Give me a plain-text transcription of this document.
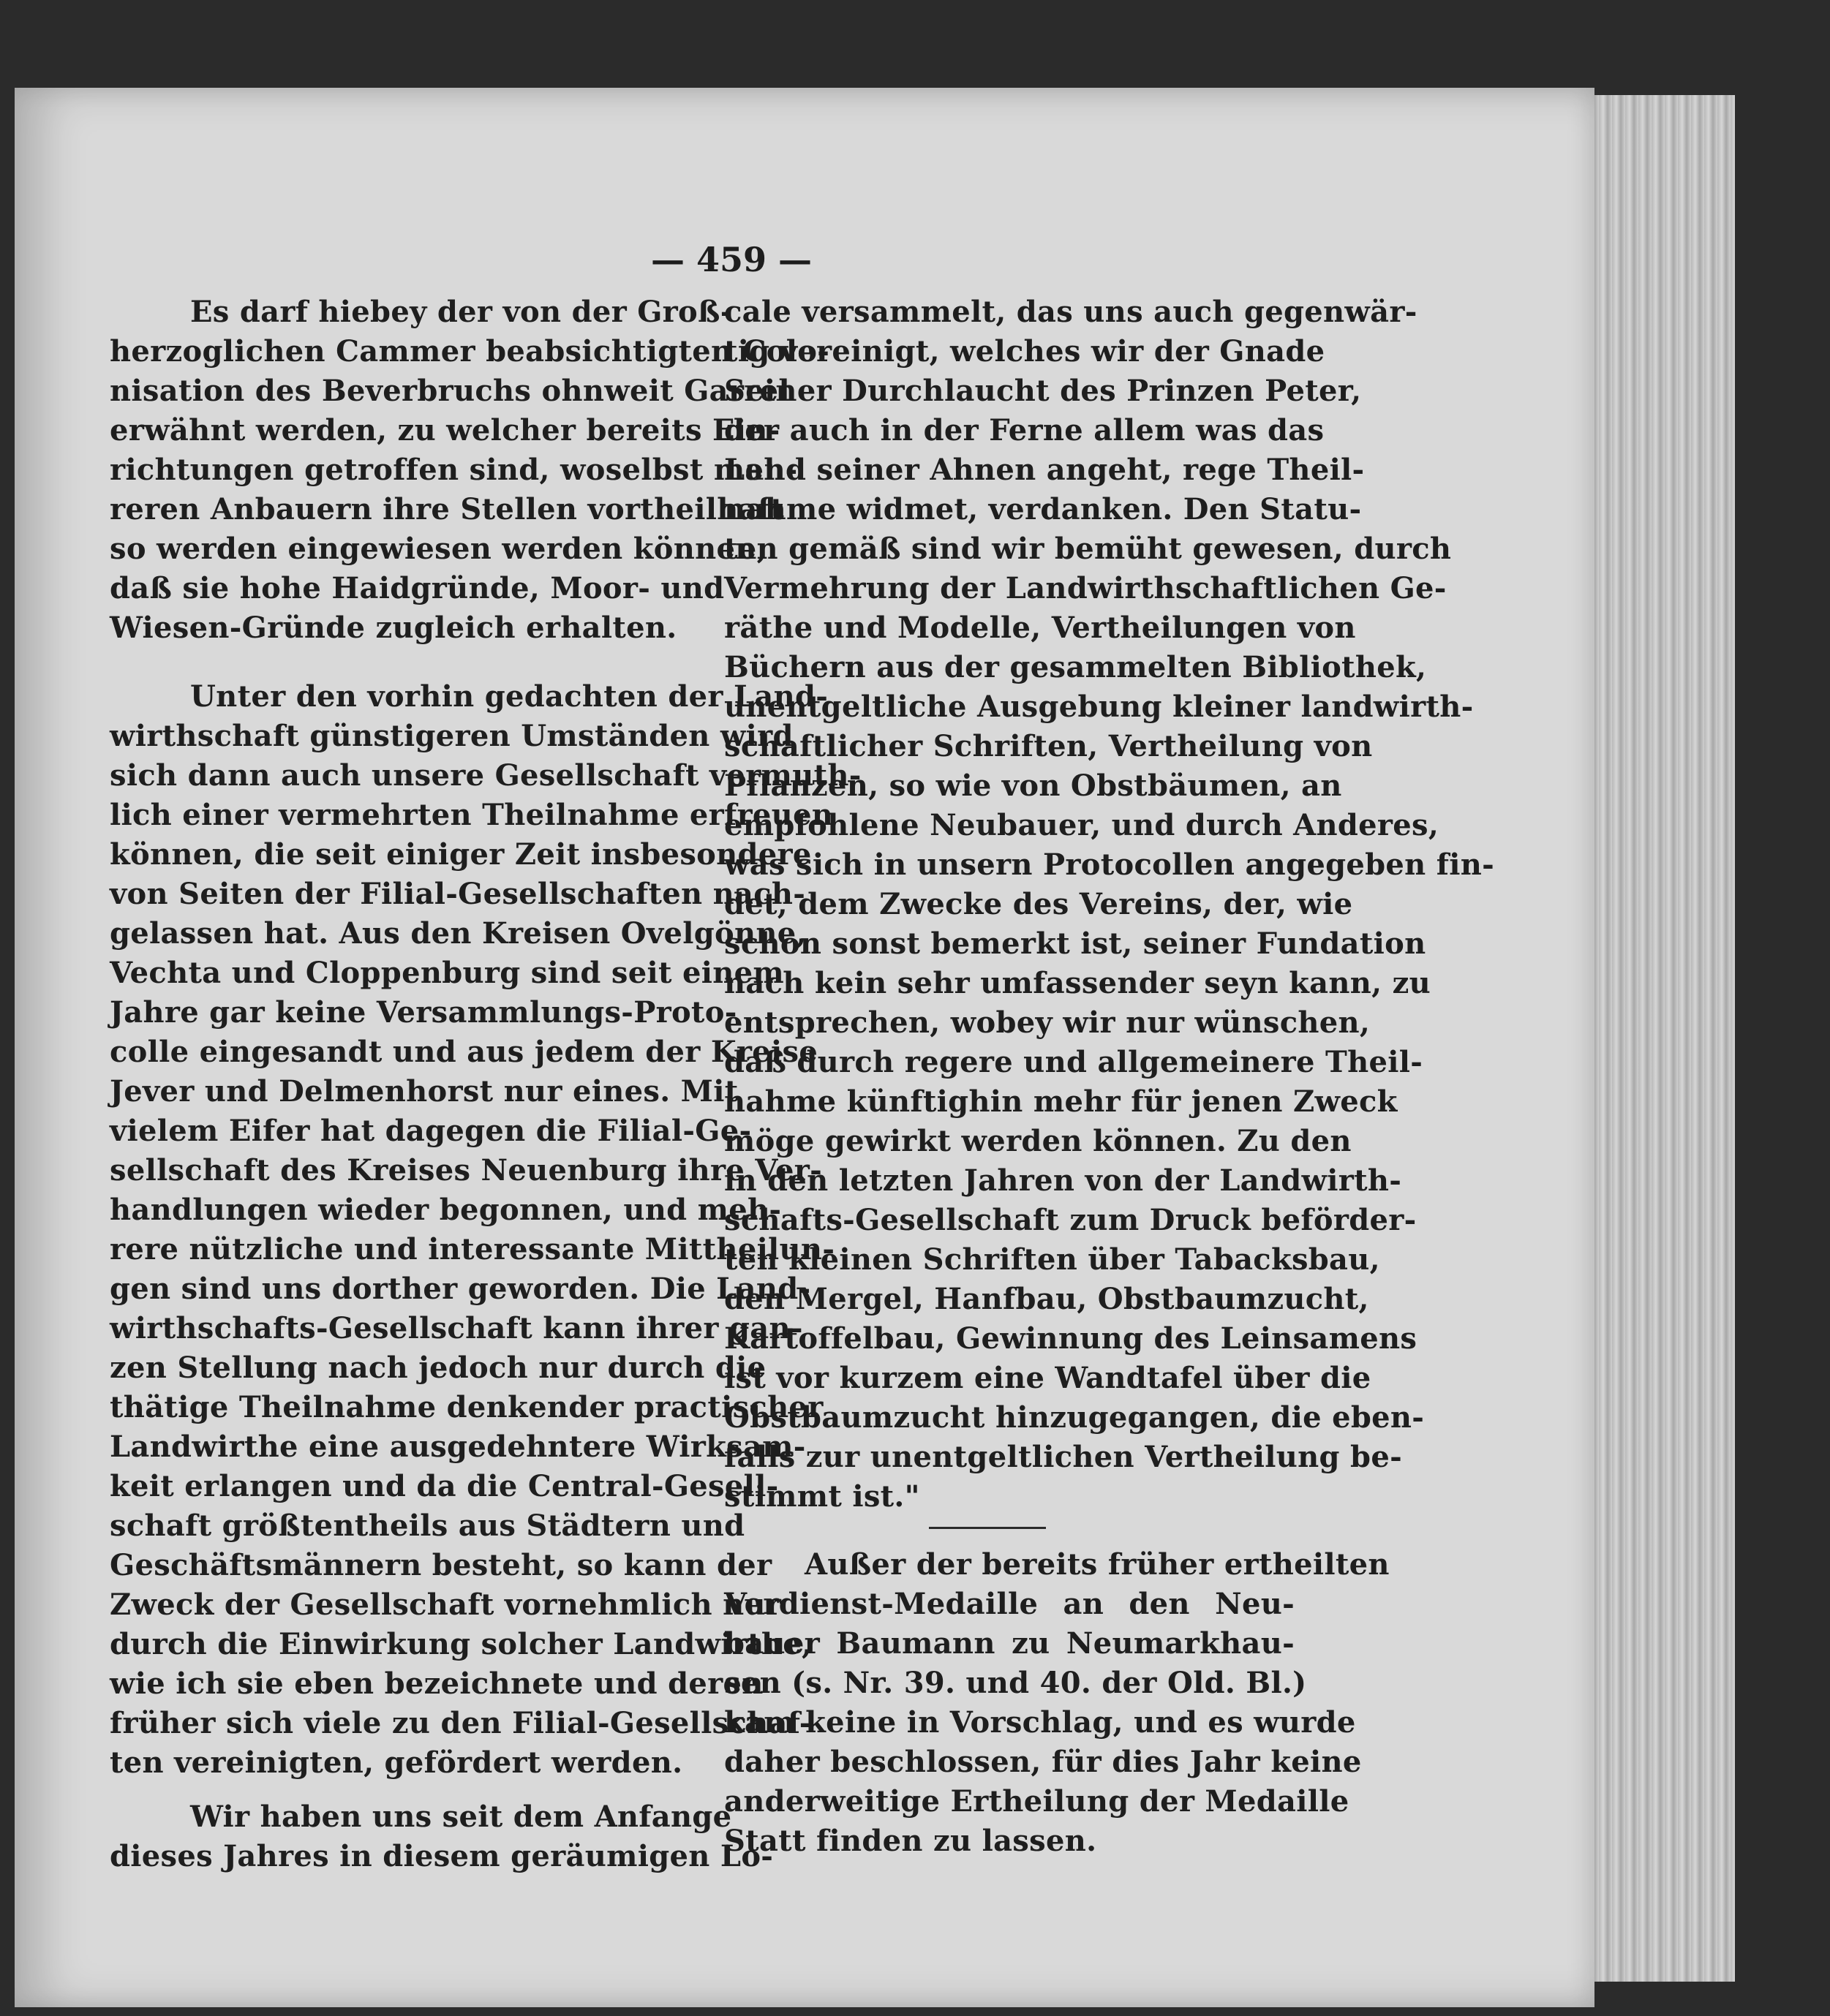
— 459 —
Es darf hiebey der von der Groß-
herzoglichen Cammer beabsichtigten Colo-
nisation des Beverbruchs ohnweit Garrel
erwähnt werden, zu welcher bereits Ein-
richtungen getroffen sind, woselbst meh-
reren Anbauern ihre Stellen vortheilhaft
so werden eingewiesen werden können,
daß sie hohe Haidgründe, Moor- und
Wiesen-Gründe zugleich erhalten.
Unter den vorhin gedachten der Land-
wirthschaft günstigeren Umständen wird
sich dann auch unsere Gesellschaft vermuth-
lich einer vermehrten Theilnahme erfreuen
können, die seit einiger Zeit insbesondere
von Seiten der Filial-Gesellschaften nach-
gelassen hat. Aus den Kreisen Ovelgönne,
Vechta und Cloppenburg sind seit einem
Jahre gar keine Versammlungs-Proto-
colle eingesandt und aus jedem der Kreise
Jever und Delmenhorst nur eines. Mit
vielem Eifer hat dagegen die Filial-Ge-
sellschaft des Kreises Neuenburg ihre Ver-
handlungen wieder begonnen, und meh-
rere nützliche und interessante Mittheilun-
gen sind uns dorther geworden. Die Land-
wirthschafts-Gesellschaft kann ihrer gan-
zen Stellung nach jedoch nur durch die
thätige Theilnahme denkender practischer
Landwirthe eine ausgedehntere Wirksam-
keit erlangen und da die Central-Gesell-
schaft größtentheils aus Städtern und
Geschäftsmännern besteht, so kann der
Zweck der Gesellschaft vornehmlich nur
durch die Einwirkung solcher Landwirthe,
wie ich sie eben bezeichnete und deren
früher sich viele zu den Filial-Gesellschaf-
ten vereinigten, gefördert werden.
Wir haben uns seit dem Anfange
dieses Jahres in diesem geräumigen Lo-
cale versammelt, das uns auch gegenwär-
tig vereinigt, welches wir der Gnade
Seiner Durchlaucht des Prinzen Peter,
der auch in der Ferne allem was das
Land seiner Ahnen angeht, rege Theil-
nahme widmet, verdanken. Den Statu-
ten gemäß sind wir bemüht gewesen, durch
Vermehrung der Landwirthschaftlichen Ge-
räthe und Modelle, Vertheilungen von
Büchern aus der gesammelten Bibliothek,
unentgeltliche Ausgebung kleiner landwirth-
schaftlicher Schriften, Vertheilung von
Pflanzen, so wie von Obstbäumen, an
empfohlene Neubauer, und durch Anderes,
was sich in unsern Protocollen angegeben fin-
det, dem Zwecke des Vereins, der, wie
schon sonst bemerkt ist, seiner Fundation
nach kein sehr umfassender seyn kann, zu
entsprechen, wobey wir nur wünschen,
daß durch regere und allgemeinere Theil-
nahme künftighin mehr für jenen Zweck
möge gewirkt werden können. Zu den
in den letzten Jahren von der Landwirth-
schafts-Gesellschaft zum Druck beförder-
ten kleinen Schriften über Tabacksbau,
den Mergel, Hanfbau, Obstbaumzucht,
Kartoffelbau, Gewinnung des Leinsamens
ist vor kurzem eine Wandtafel über die
Obstbaumzucht hinzugegangen, die eben-
falls zur unentgeltlichen Vertheilung be-
stimmt ist."
Außer der bereits früher ertheilten
Verdienst-Medaille an den Neu-
bauer Baumann zu Neumarkhau-
sen (s. Nr. 39. und 40. der Old. Bl.)
kam keine in Vorschlag, und es wurde
daher beschlossen, für dies Jahr keine
anderweitige Ertheilung der Medaille
Statt finden zu lassen.
